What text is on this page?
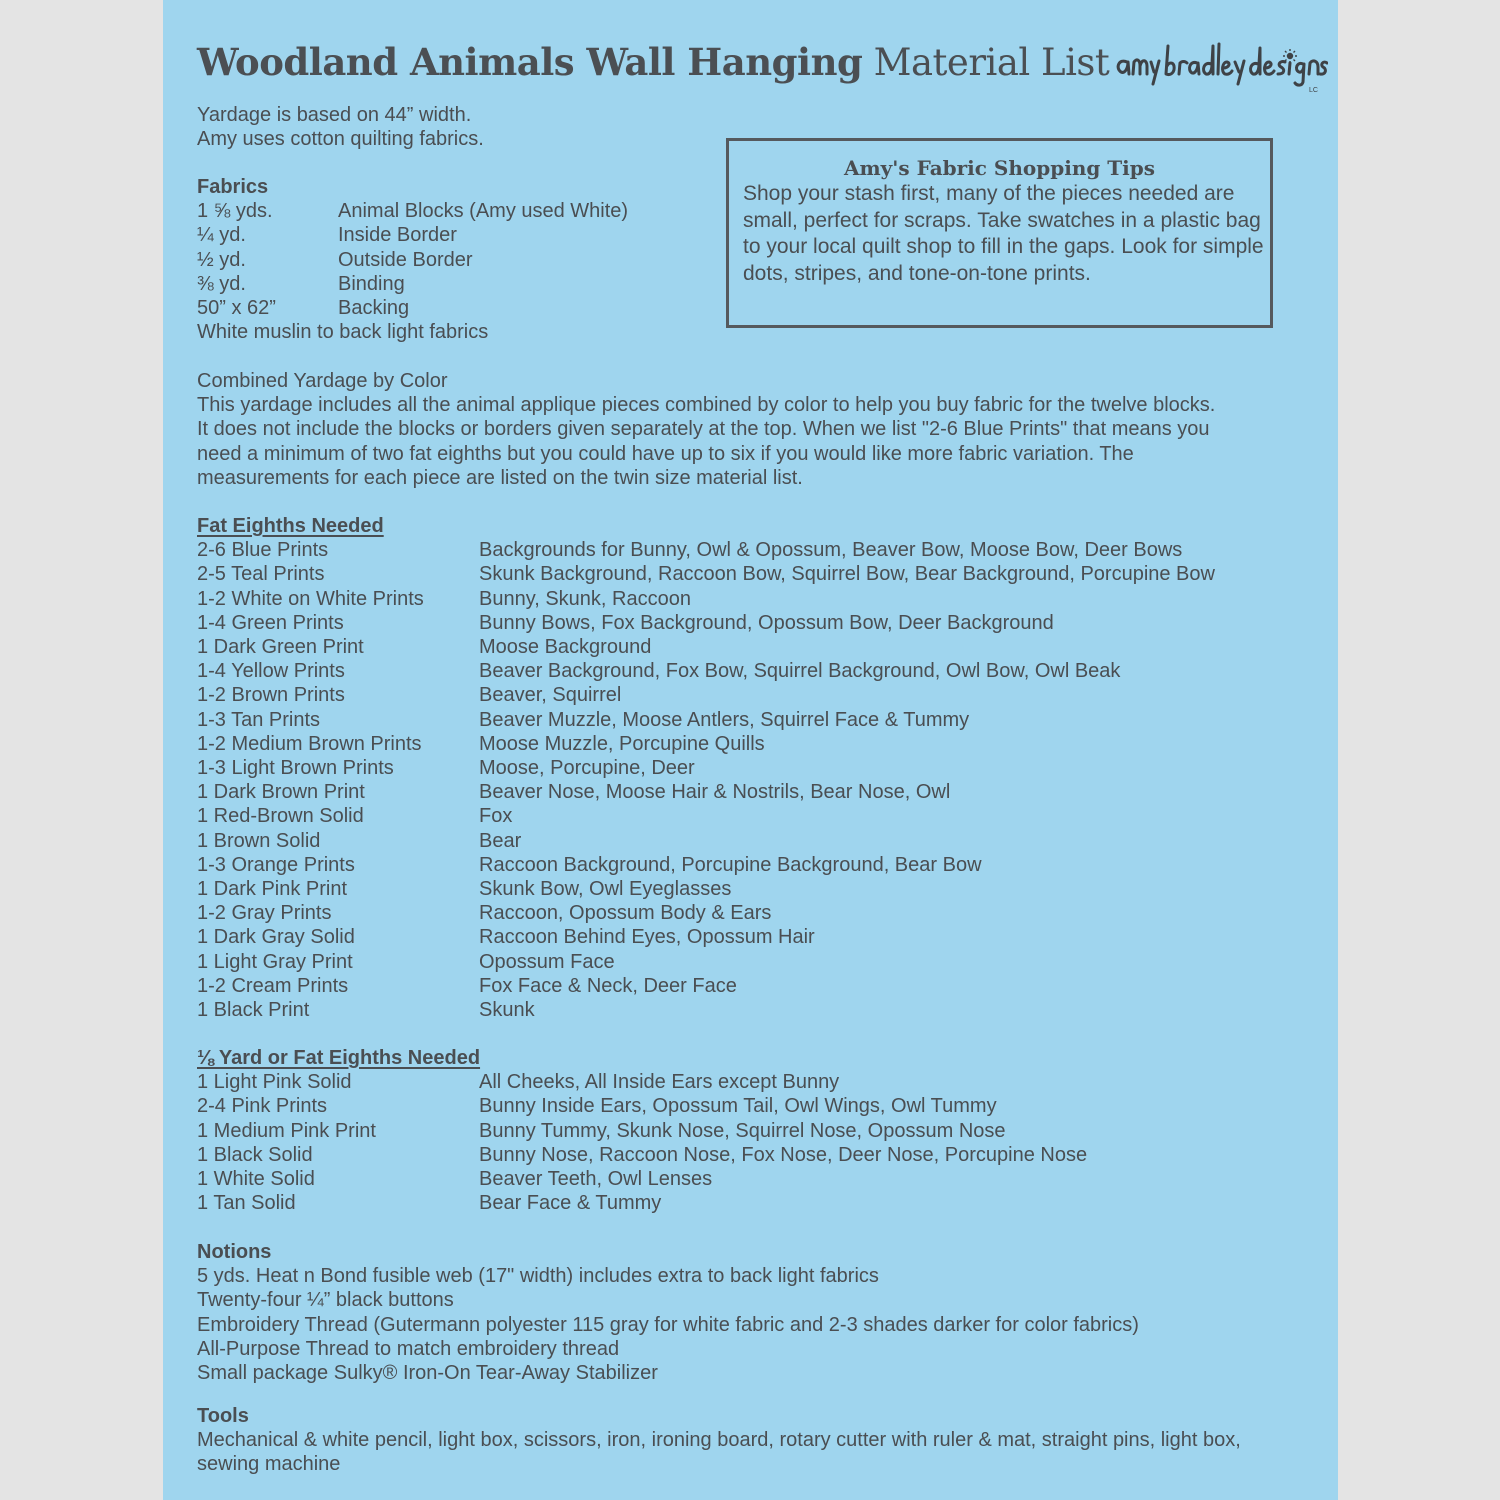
Woodland Animals Wall Hanging Material List
LC
Yardage is based on 44” width.
Amy uses cotton quilting fabrics.
Amy's Fabric Shopping Tips
Shop your stash first, many of the pieces needed are small, perfect for scraps. Take swatches in a plastic bag to your local quilt shop to fill in the gaps. Look for simple dots, stripes, and tone-on-tone prints.
Fabrics
1 ⅝ yds.	Animal Blocks (Amy used White)
¼ yd.	Inside Border
½ yd.	Outside Border
⅜ yd.	Binding
50” x 62”	Backing
White muslin to back light fabrics
Combined Yardage by Color
This yardage includes all the animal applique pieces combined by color to help you buy fabric for the twelve blocks.
It does not include the blocks or borders given separately at the top. When we list "2-6 Blue Prints" that means you
need a minimum of two fat eighths but you could have up to six if you would like more fabric variation. The
measurements for each piece are listed on the twin size material list.
Fat Eighths Needed
2-6 Blue Prints	Backgrounds for Bunny, Owl & Opossum, Beaver Bow, Moose Bow, Deer Bows
2-5 Teal Prints	Skunk Background, Raccoon Bow, Squirrel Bow, Bear Background, Porcupine Bow
1-2 White on White Prints	Bunny, Skunk, Raccoon
1-4 Green Prints	Bunny Bows, Fox Background, Opossum Bow, Deer Background
1 Dark Green Print	Moose Background
1-4 Yellow Prints	Beaver Background, Fox Bow, Squirrel Background, Owl Bow, Owl Beak
1-2 Brown Prints	Beaver, Squirrel
1-3 Tan Prints	Beaver Muzzle, Moose Antlers, Squirrel Face & Tummy
1-2 Medium Brown Prints	Moose Muzzle, Porcupine Quills
1-3 Light Brown Prints	Moose, Porcupine, Deer
1 Dark Brown Print	Beaver Nose, Moose Hair & Nostrils, Bear Nose, Owl
1 Red-Brown Solid	Fox
1 Brown Solid	Bear
1-3 Orange Prints	Raccoon Background, Porcupine Background, Bear Bow
1 Dark Pink Print	Skunk Bow, Owl Eyeglasses
1-2 Gray Prints	Raccoon, Opossum Body & Ears
1 Dark Gray Solid	Raccoon Behind Eyes, Opossum Hair
1 Light Gray Print	Opossum Face
1-2 Cream Prints	Fox Face & Neck, Deer Face
1 Black Print	Skunk
⅛ Yard or Fat Eighths Needed
1 Light Pink Solid	All Cheeks, All Inside Ears except Bunny
2-4 Pink Prints	Bunny Inside Ears, Opossum Tail, Owl Wings, Owl Tummy
1 Medium Pink Print	Bunny Tummy, Skunk Nose, Squirrel Nose, Opossum Nose
1 Black Solid	Bunny Nose, Raccoon Nose, Fox Nose, Deer Nose, Porcupine Nose
1 White Solid	Beaver Teeth, Owl Lenses
1 Tan Solid	Bear Face & Tummy
Notions
5 yds. Heat n Bond fusible web (17" width) includes extra to back light fabrics
Twenty-four ¼” black buttons
Embroidery Thread (Gutermann polyester 115 gray for white fabric and 2-3 shades darker for color fabrics)
All-Purpose Thread to match embroidery thread
Small package Sulky® Iron-On Tear-Away Stabilizer
Tools
Mechanical & white pencil, light box, scissors, iron, ironing board, rotary cutter with ruler & mat, straight pins, light box,
sewing machine
